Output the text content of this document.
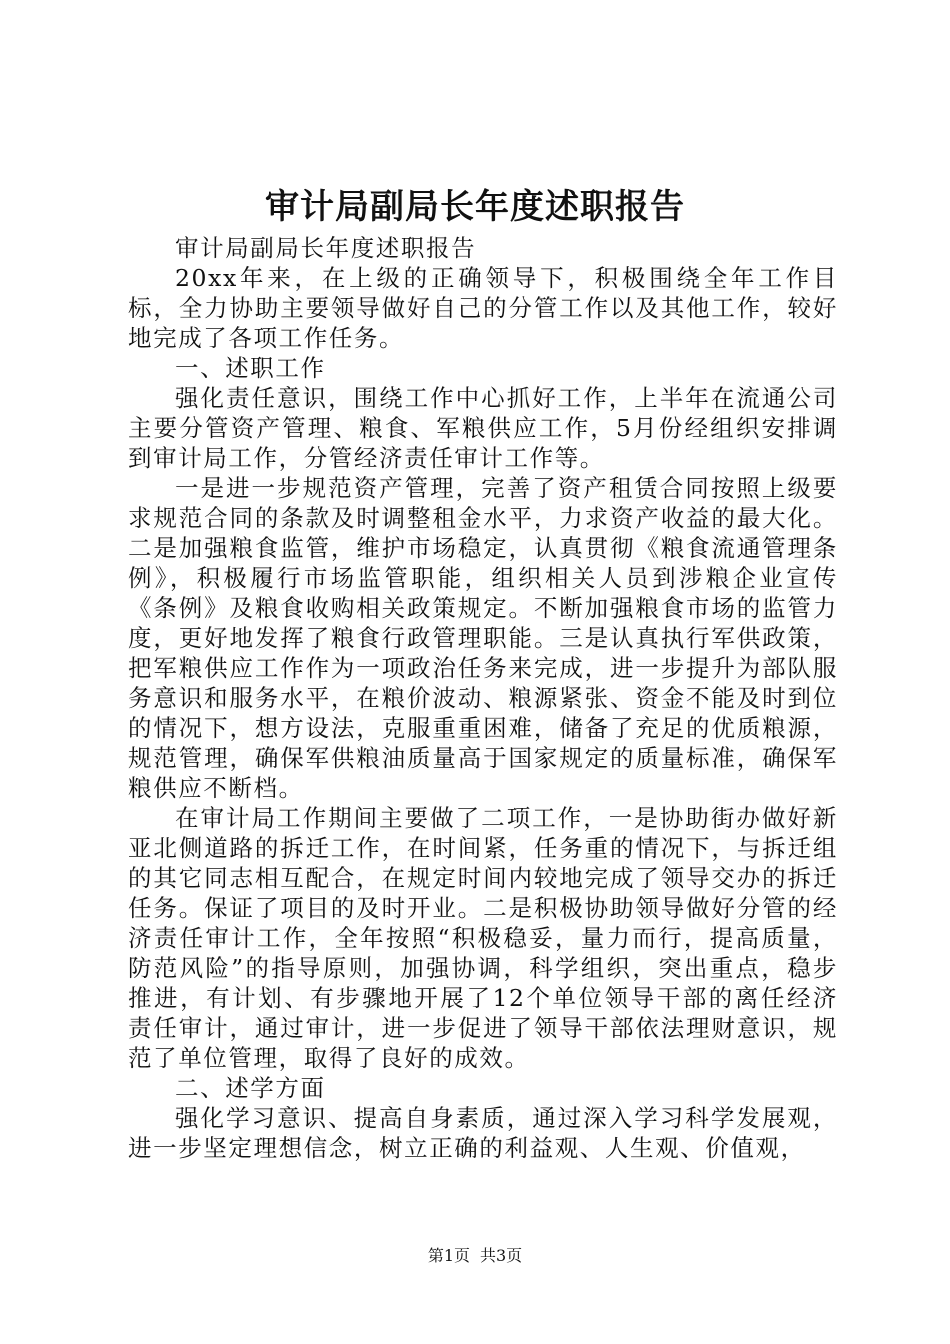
审计局副局长年度述职报告

审计局副局长年度述职报告

20xx年来，在上级的正确领导下，积极围绕全年工作目标，全力协助主要领导做好自己的分管工作以及其他工作，较好地完成了各项工作任务。

一、述职工作

强化责任意识，围绕工作中心抓好工作，上半年在流通公司主要分管资产管理、粮食、军粮供应工作，5月份经组织安排调到审计局工作，分管经济责任审计工作等。

一是进一步规范资产管理，完善了资产租赁合同按照上级要求规范合同的条款及时调整租金水平，力求资产收益的最大化。二是加强粮食监管，维护市场稳定，认真贯彻《粮食流通管理条例》，积极履行市场监管职能，组织相关人员到涉粮企业宣传《条例》及粮食收购相关政策规定。不断加强粮食市场的监管力度，更好地发挥了粮食行政管理职能。三是认真执行军供政策，把军粮供应工作作为一项政治任务来完成，进一步提升为部队服务意识和服务水平，在粮价波动、粮源紧张、资金不能及时到位的情况下，想方设法，克服重重困难，储备了充足的优质粮源，规范管理，确保军供粮油质量高于国家规定的质量标准，确保军粮供应不断档。

在审计局工作期间主要做了二项工作，一是协助街办做好新亚北侧道路的拆迁工作，在时间紧，任务重的情况下，与拆迁组的其它同志相互配合，在规定时间内较地完成了领导交办的拆迁任务。保证了项目的及时开业。二是积极协助领导做好分管的经济责任审计工作，全年按照“积极稳妥，量力而行，提高质量，防范风险”的指导原则，加强协调，科学组织，突出重点，稳步推进，有计划、有步骤地开展了12个单位领导干部的离任经济责任审计，通过审计，进一步促进了领导干部依法理财意识，规范了单位管理，取得了良好的成效。

二、述学方面

强化学习意识、提高自身素质，通过深入学习科学发展观，进一步坚定理想信念，树立正确的利益观、人生观、价值观，

第1页 共3页
